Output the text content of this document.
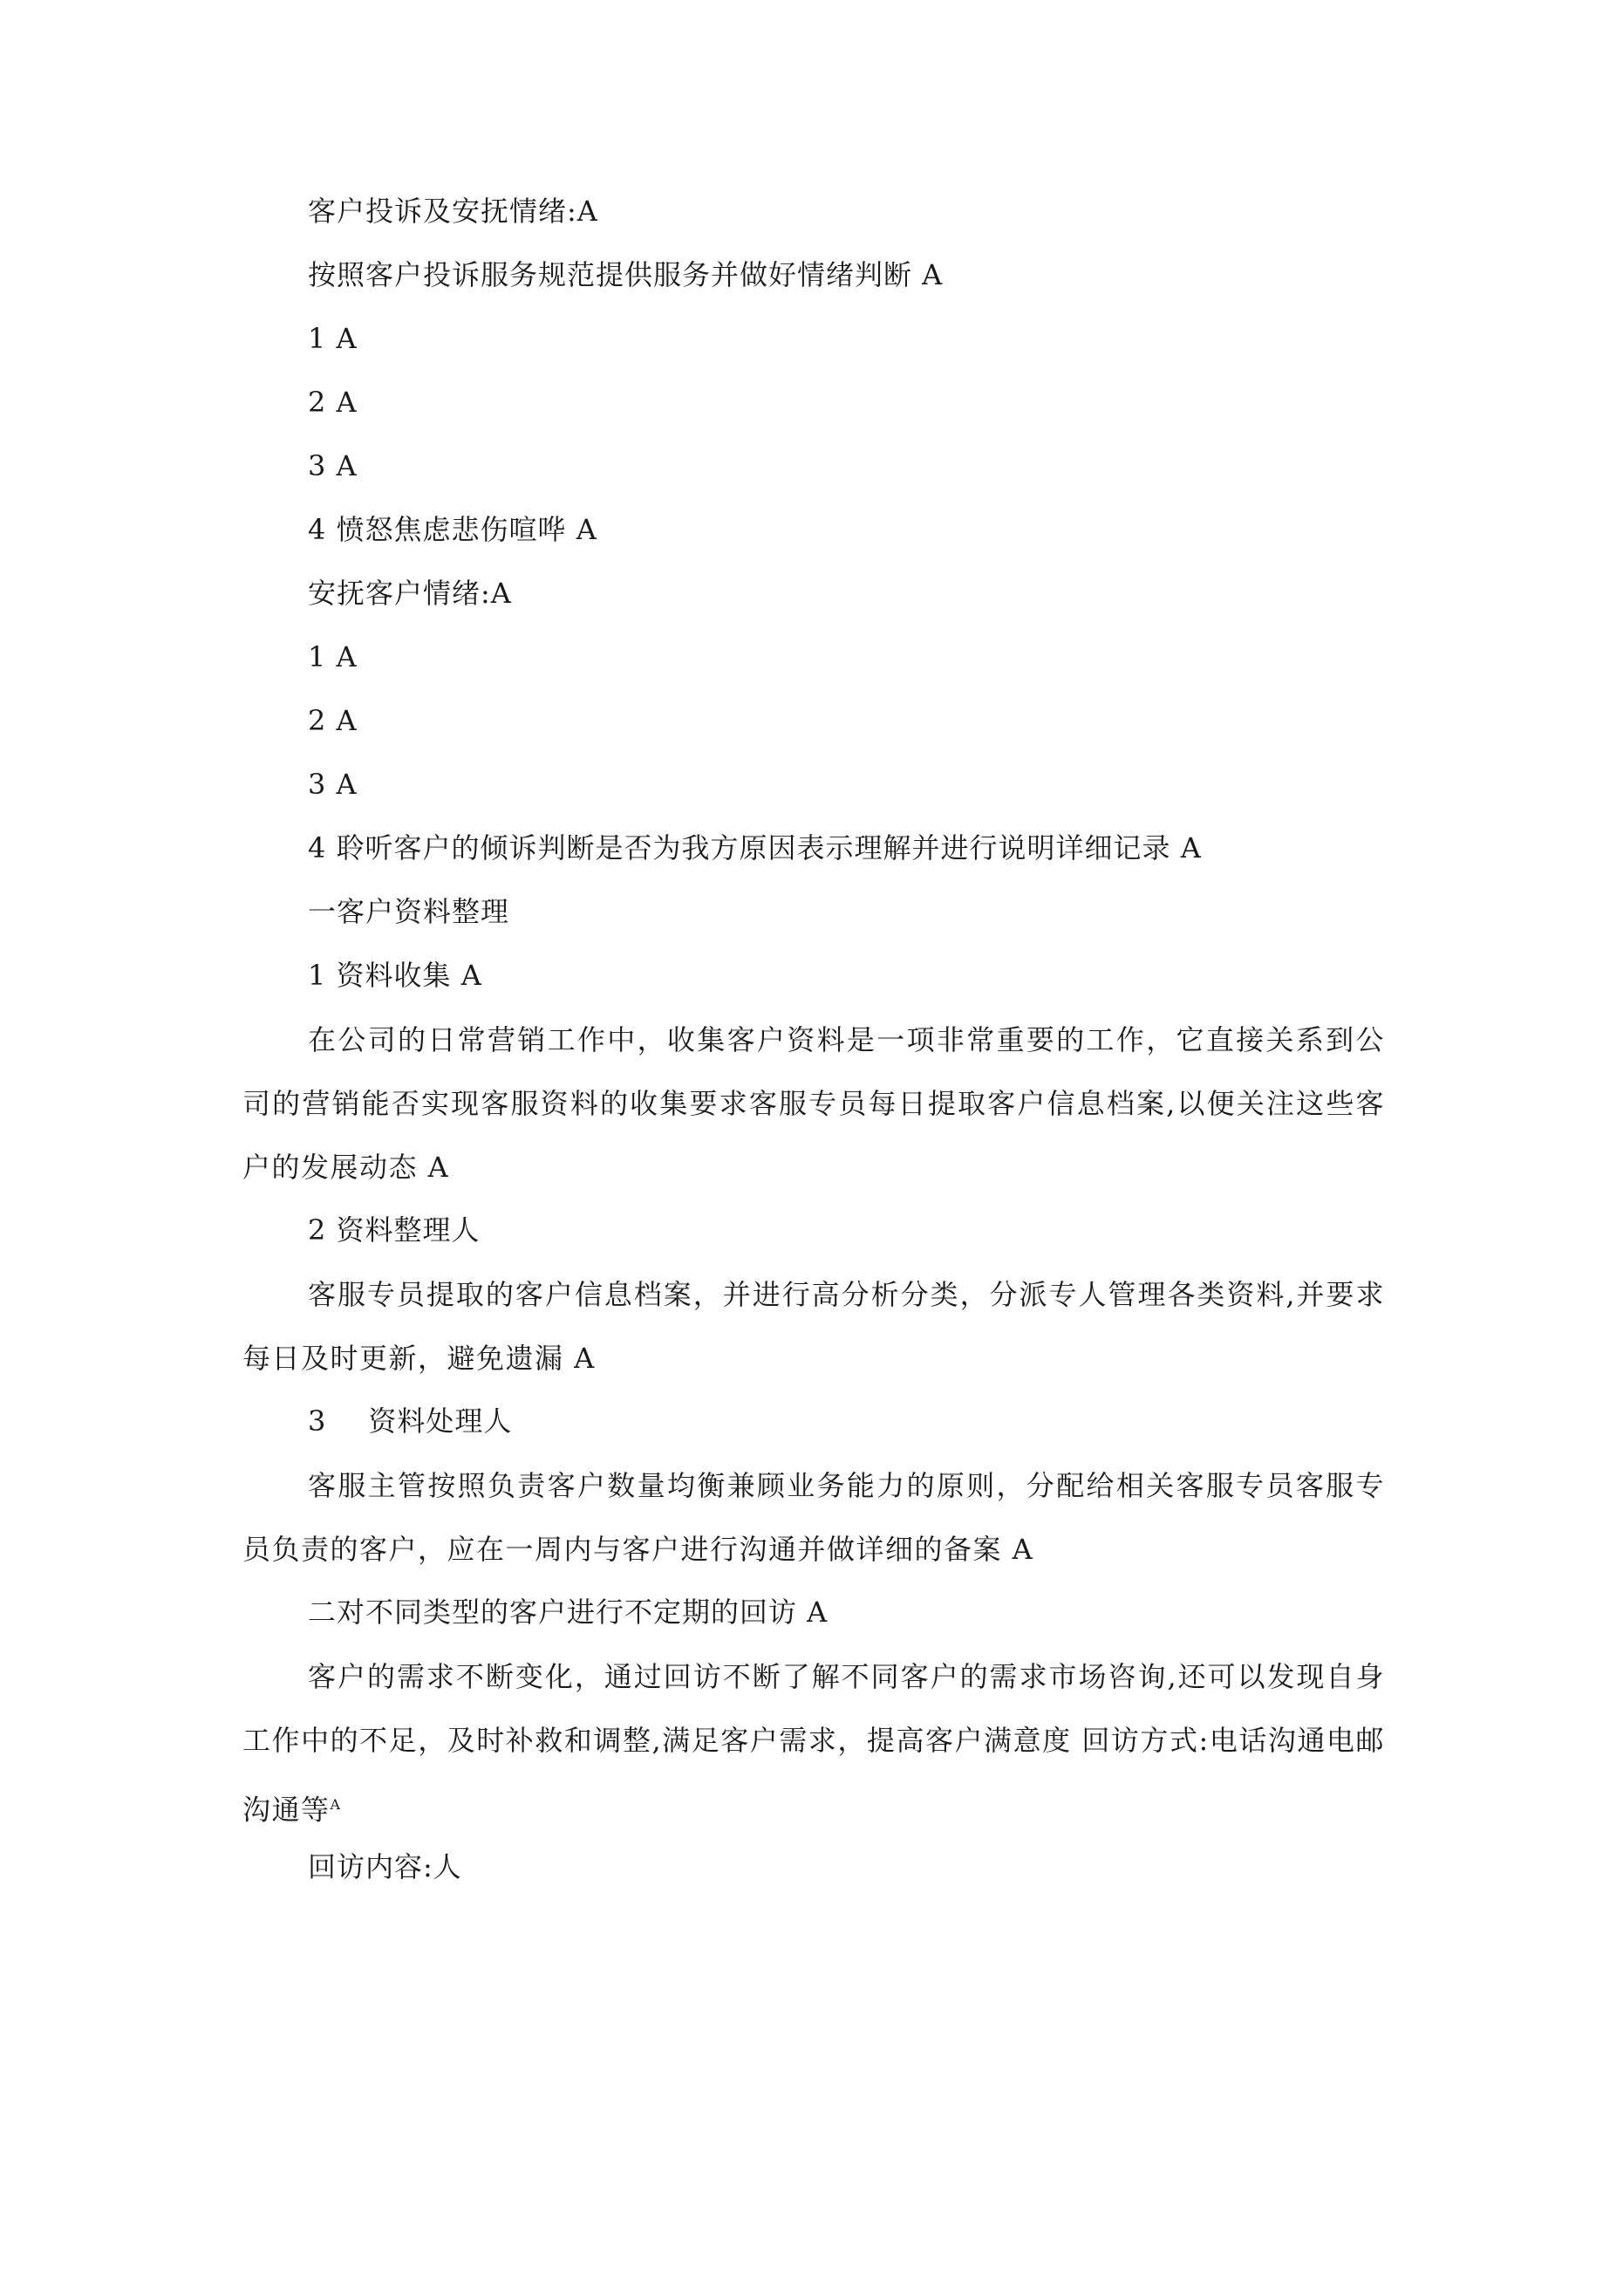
客户投诉及安抚情绪:A
按照客户投诉服务规范提供服务并做好情绪判断 A
1 A
2 A
3 A
4 愤怒焦虑悲伤喧哗 A
安抚客户情绪:A
1 A
2 A
3 A
4 聆听客户的倾诉判断是否为我方原因表示理解并进行说明详细记录 A
一客户资料整理
1 资料收集 A
在公司的日常营销工作中，收集客户资料是一项非常重要的工作，它直接关系到公司的营销能否实现客服资料的收集要求客服专员每日提取客户信息档案,以便关注这些客户的发展动态 A
2 资料整理人
客服专员提取的客户信息档案，并进行高分析分类，分派专人管理各类资料,并要求每日及时更新，避免遗漏 A
3 资料处理人
客服主管按照负责客户数量均衡兼顾业务能力的原则，分配给相关客服专员客服专员负责的客户，应在一周内与客户进行沟通并做详细的备案 A
二对不同类型的客户进行不定期的回访 A
客户的需求不断变化，通过回访不断了解不同客户的需求市场咨询,还可以发现自身工作中的不足，及时补救和调整,满足客户需求，提高客户满意度 回访方式:电话沟通电邮沟通等$^A$
回访内容:人
